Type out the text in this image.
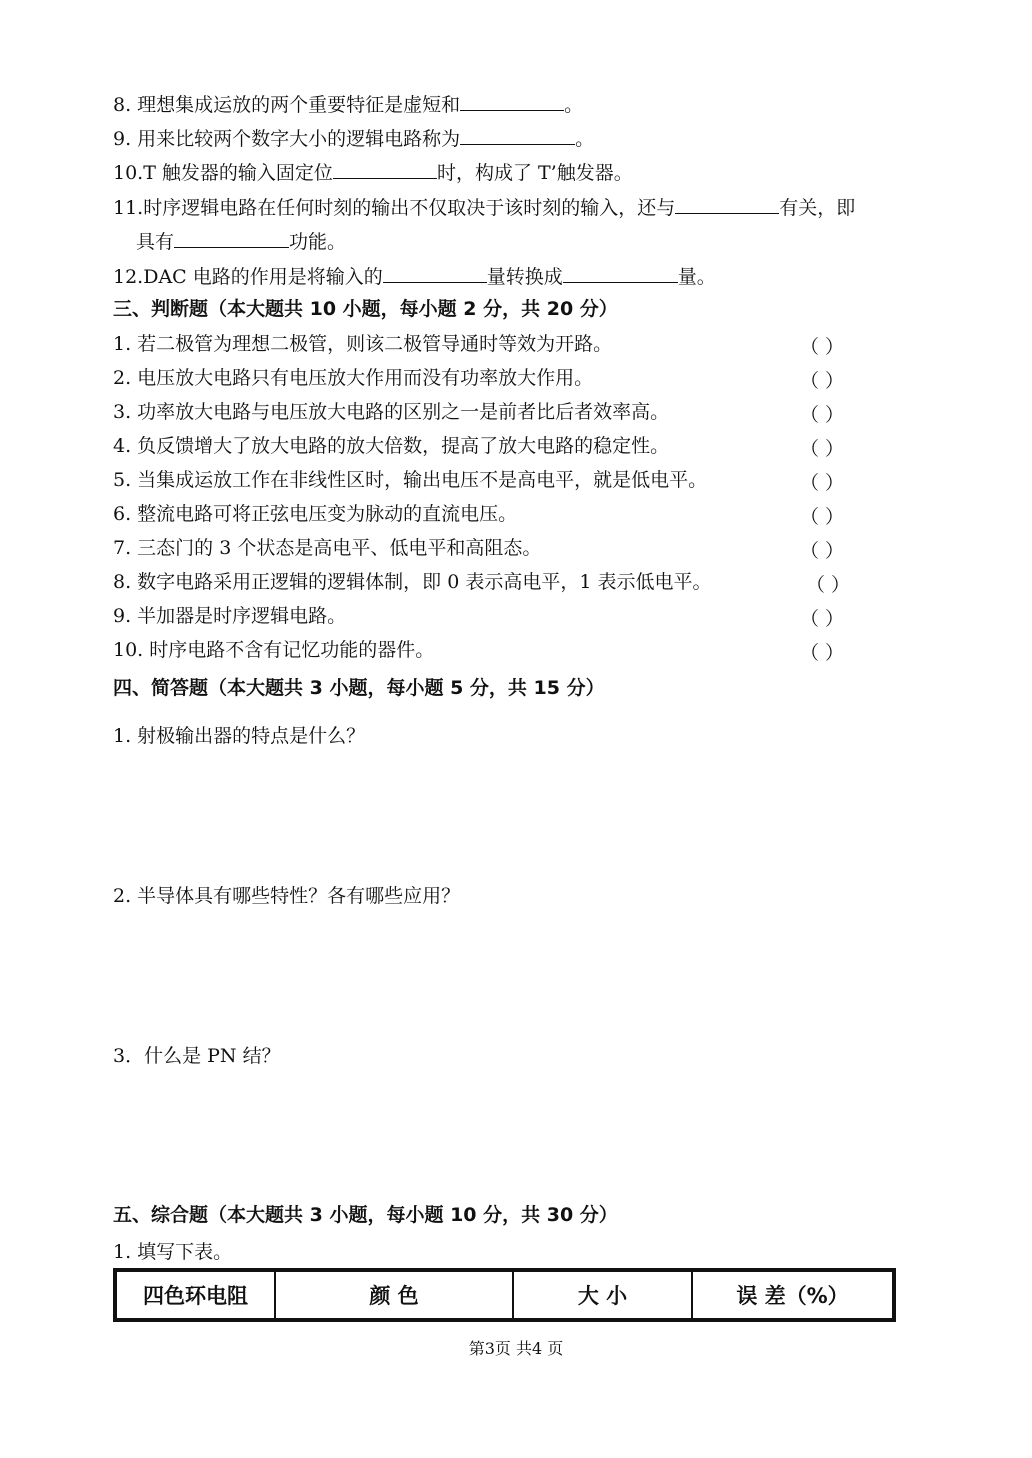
8. 理想集成运放的两个重要特征是虚短和	。
9. 用来比较两个数字大小的逻辑电路称为	。
10.T 触发器的输入固定位	时，构成了 T’触发器。
11.时序逻辑电路在任何时刻的输出不仅取决于该时刻的输入，还与	有关，即
具有	功能。
12.DAC 电路的作用是将输入的	量转换成	量。
三、判断题（本大题共 10 小题，每小题 2 分，共 20 分）
1. 若二极管为理想二极管，则该二极管导通时等效为开路。	（ ）
2. 电压放大电路只有电压放大作用而没有功率放大作用。	（ ）
3. 功率放大电路与电压放大电路的区别之一是前者比后者效率高。	（ ）
4. 负反馈增大了放大电路的放大倍数，提高了放大电路的稳定性。	（ ）
5. 当集成运放工作在非线性区时，输出电压不是高电平，就是低电平。	（ ）
6. 整流电路可将正弦电压变为脉动的直流电压。	（ ）
7. 三态门的 3 个状态是高电平、低电平和高阻态。	（ ）
8. 数字电路采用正逻辑的逻辑体制，即 0 表示高电平，1 表示低电平。	（ ）
9. 半加器是时序逻辑电路。	（ ）
10. 时序电路不含有记忆功能的器件。	（ ）
四、简答题（本大题共 3 小题，每小题 5 分，共 15 分）
1. 射极输出器的特点是什么？
2. 半导体具有哪些特性？各有哪些应用？
3．什么是 PN 结？
五、综合题（本大题共 3 小题，每小题 10 分，共 30 分）
1. 填写下表。
四色环电阻	颜 色	大 小	误 差（%）
第3页 共4 页
